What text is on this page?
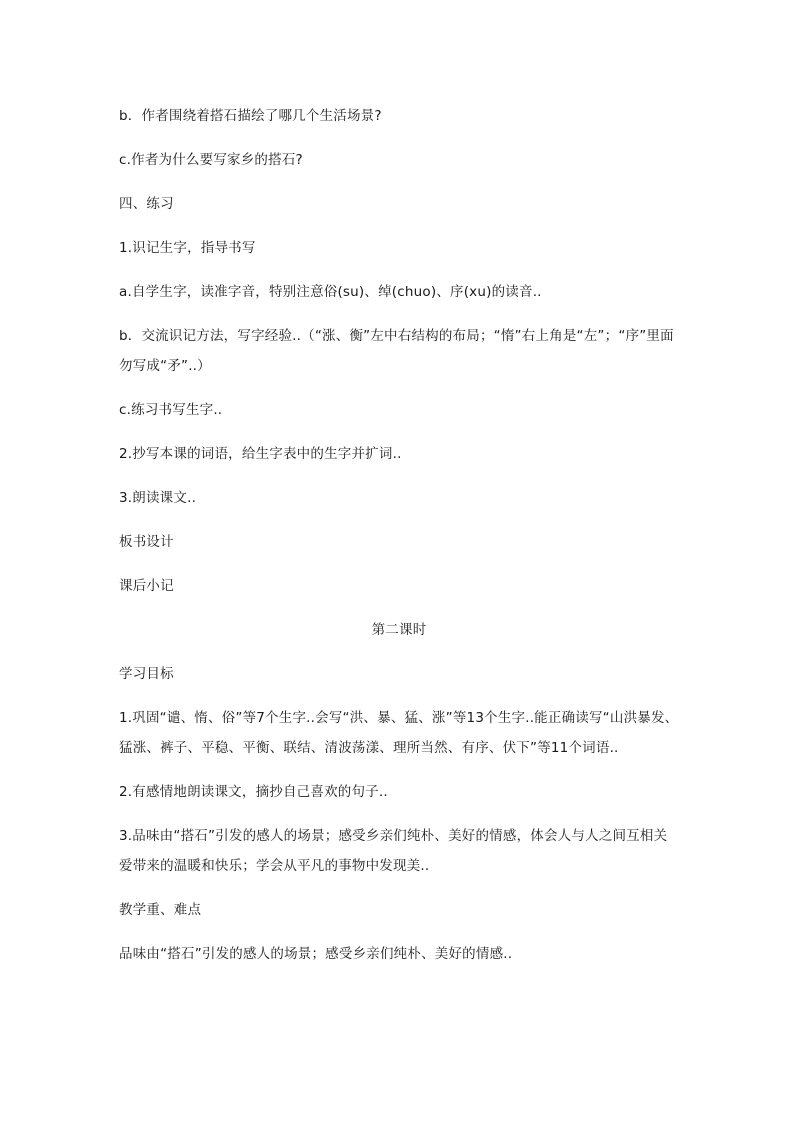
b．作者围绕着搭石描绘了哪几个生活场景?

c.作者为什么要写家乡的搭石?

四、练习

1.识记生字，指导书写

a.自学生字，读准字音，特别注意俗(su)、绰(chuo)、序(xu)的读音..

b．交流识记方法，写字经验..（“涨、衡”左中右结构的布局；“惰”右上角是“左”；“序”里面勿写成“矛”..）

c.练习书写生字..

2.抄写本课的词语，给生字表中的生字并扩词..

3.朗读课文..

板书设计

课后小记

第二课时

学习目标

1.巩固“谴、惰、俗”等7个生字..会写“洪、暴、猛、涨”等13个生字..能正确读写“山洪暴发、猛涨、裤子、平稳、平衡、联结、清波荡漾、理所当然、有序、伏下”等11个词语..

2.有感情地朗读课文，摘抄自己喜欢的句子..

3.品味由“搭石”引发的感人的场景；感受乡亲们纯朴、美好的情感，体会人与人之间互相关爱带来的温暖和快乐；学会从平凡的事物中发现美..

教学重、难点

品味由“搭石”引发的感人的场景；感受乡亲们纯朴、美好的情感..
